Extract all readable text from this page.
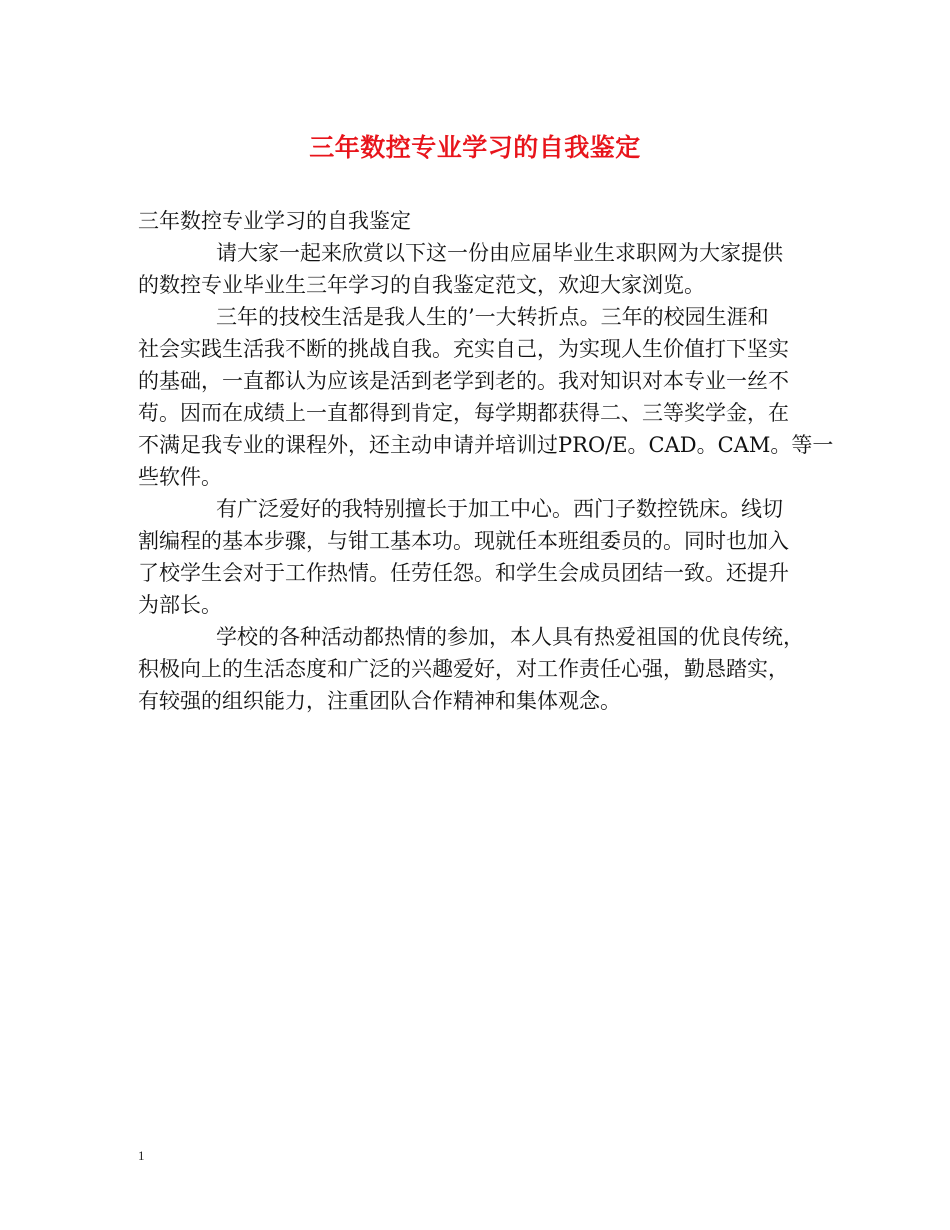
三年数控专业学习的自我鉴定

三年数控专业学习的自我鉴定

请大家一起来欣赏以下这一份由应届毕业生求职网为大家提供
的数控专业毕业生三年学习的自我鉴定范文，欢迎大家浏览。

三年的技校生活是我人生的’一大转折点。三年的校园生涯和
社会实践生活我不断的挑战自我。充实自己，为实现人生价值打下坚实
的基础，一直都认为应该是活到老学到老的。我对知识对本专业一丝不
苟。因而在成绩上一直都得到肯定，每学期都获得二、三等奖学金，在
不满足我专业的课程外，还主动申请并培训过PRO/E。CAD。CAM。等一
些软件。

有广泛爱好的我特别擅长于加工中心。西门子数控铣床。线切
割编程的基本步骤，与钳工基本功。现就任本班组委员的。同时也加入
了校学生会对于工作热情。任劳任怨。和学生会成员团结一致。还提升
为部长。

学校的各种活动都热情的参加，本人具有热爱祖国的优良传统，
积极向上的生活态度和广泛的兴趣爱好，对工作责任心强，勤恳踏实，
有较强的组织能力，注重团队合作精神和集体观念。

1
